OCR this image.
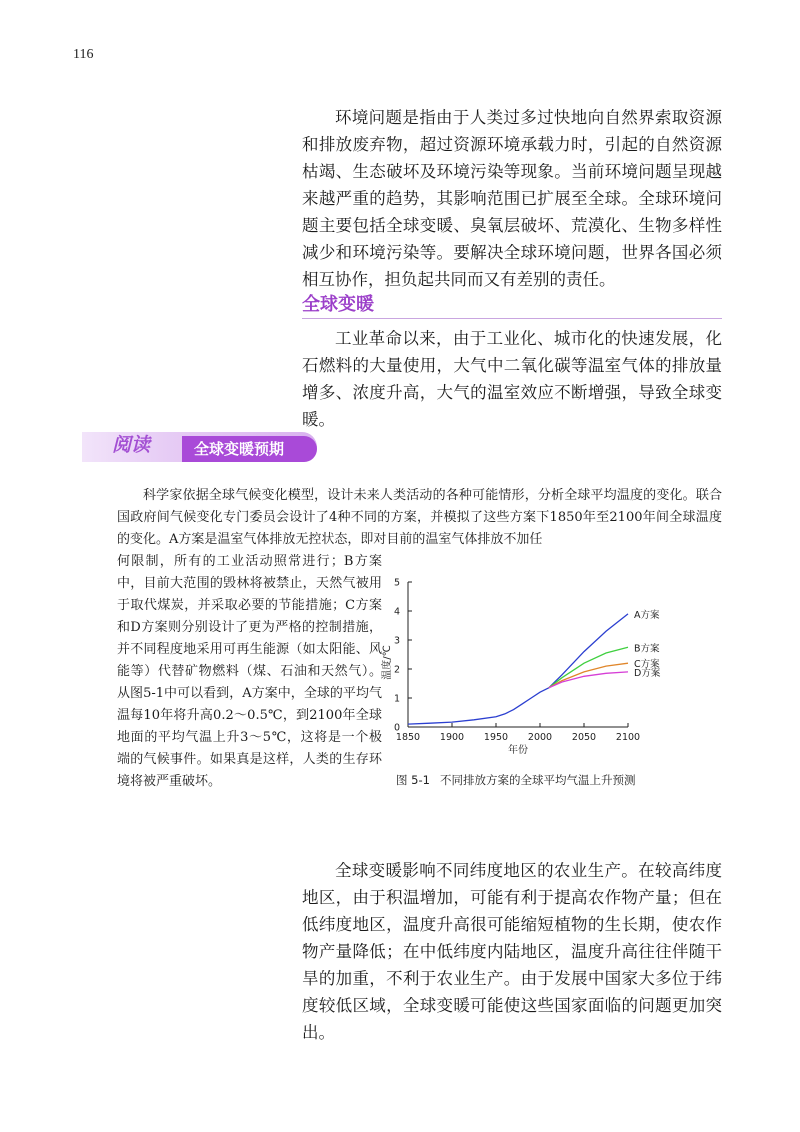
116

环境问题是指由于人类过多过快地向自然界索取资源和排放废弃物，超过资源环境承载力时，引起的自然资源枯竭、生态破坏及环境污染等现象。当前环境问题呈现越来越严重的趋势，其影响范围已扩展至全球。全球环境问题主要包括全球变暖、臭氧层破坏、荒漠化、生物多样性减少和环境污染等。要解决全球环境问题，世界各国必须相互协作，担负起共同而又有差别的责任。

全球变暖

工业革命以来，由于工业化、城市化的快速发展，化石燃料的大量使用，大气中二氧化碳等温室气体的排放量增多、浓度升高，大气的温室效应不断增强，导致全球变暖。

阅读	全球变暖预期

科学家依据全球气候变化模型，设计未来人类活动的各种可能情形，分析全球平均温度的变化。联合国政府间气候变化专门委员会设计了4种不同的方案，并模拟了这些方案下1850年至2100年间全球温度的变化。A方案是温室气体排放无控状态，即对目前的温室气体排放不加任

何限制，所有的工业活动照常进行；B方案中，目前大范围的毁林将被禁止，天然气被用于取代煤炭，并采取必要的节能措施；C方案和D方案则分别设计了更为严格的控制措施，并不同程度地采用可再生能源（如太阳能、风能等）代替矿物燃料（煤、石油和天然气）。从图5-1中可以看到，A方案中，全球的平均气温每10年将升高0.2～0.5℃，到2100年全球地面的平均气温上升3～5℃，这将是一个极端的气候事件。如果真是这样，人类的生存环境将被严重破坏。

0
1
2
3
4
5
1850 1900 1950 2000 2050 2100
温度/℃
年份
A方案
B方案
C方案
D方案
图 5-1 不同排放方案的全球平均气温上升预测

全球变暖影响不同纬度地区的农业生产。在较高纬度地区，由于积温增加，可能有利于提高农作物产量；但在低纬度地区，温度升高很可能缩短植物的生长期，使农作物产量降低；在中低纬度内陆地区，温度升高往往伴随干旱的加重，不利于农业生产。由于发展中国家大多位于纬度较低区域，全球变暖可能使这些国家面临的问题更加突出。
